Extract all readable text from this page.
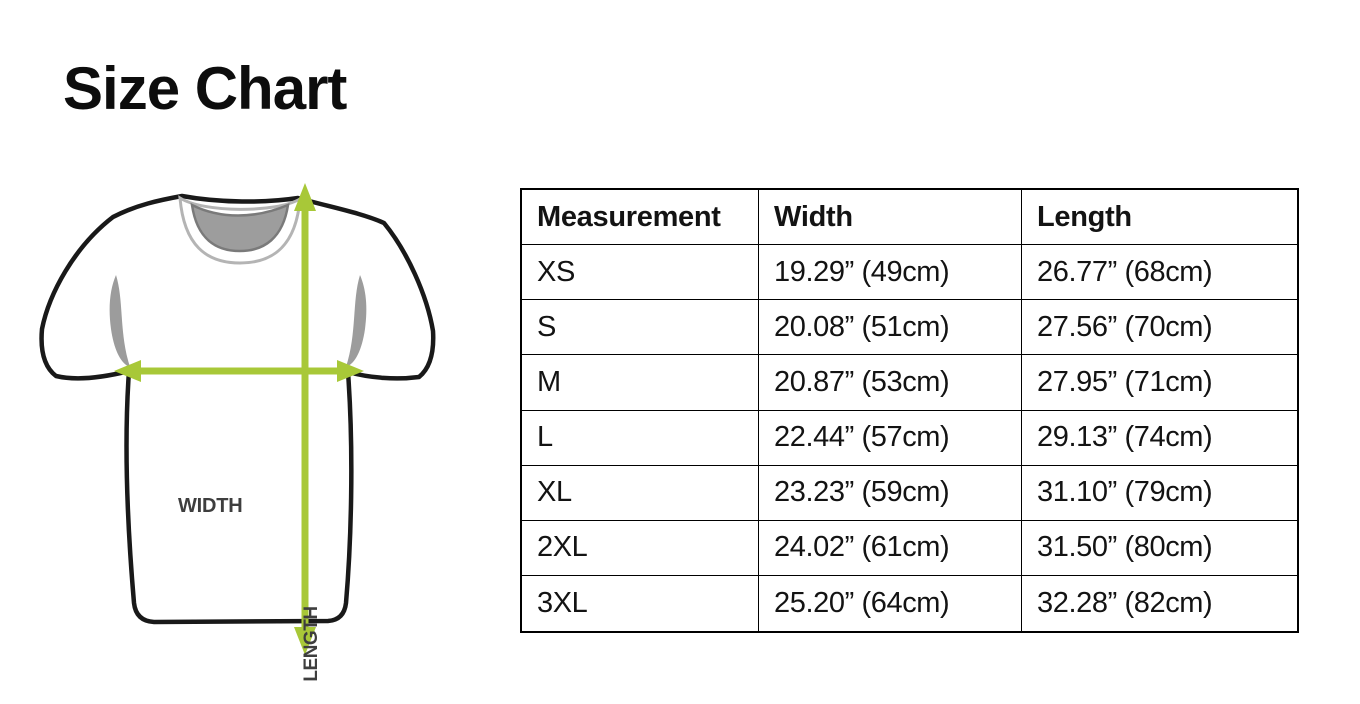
Size Chart
WIDTH
LENGTH
Measurement	Width	Length
XS	19.29” (49cm)	26.77” (68cm)
S	20.08” (51cm)	27.56” (70cm)
M	20.87” (53cm)	27.95” (71cm)
L	22.44” (57cm)	29.13” (74cm)
XL	23.23” (59cm)	31.10” (79cm)
2XL	24.02” (61cm)	31.50” (80cm)
3XL	25.20” (64cm)	32.28” (82cm)
